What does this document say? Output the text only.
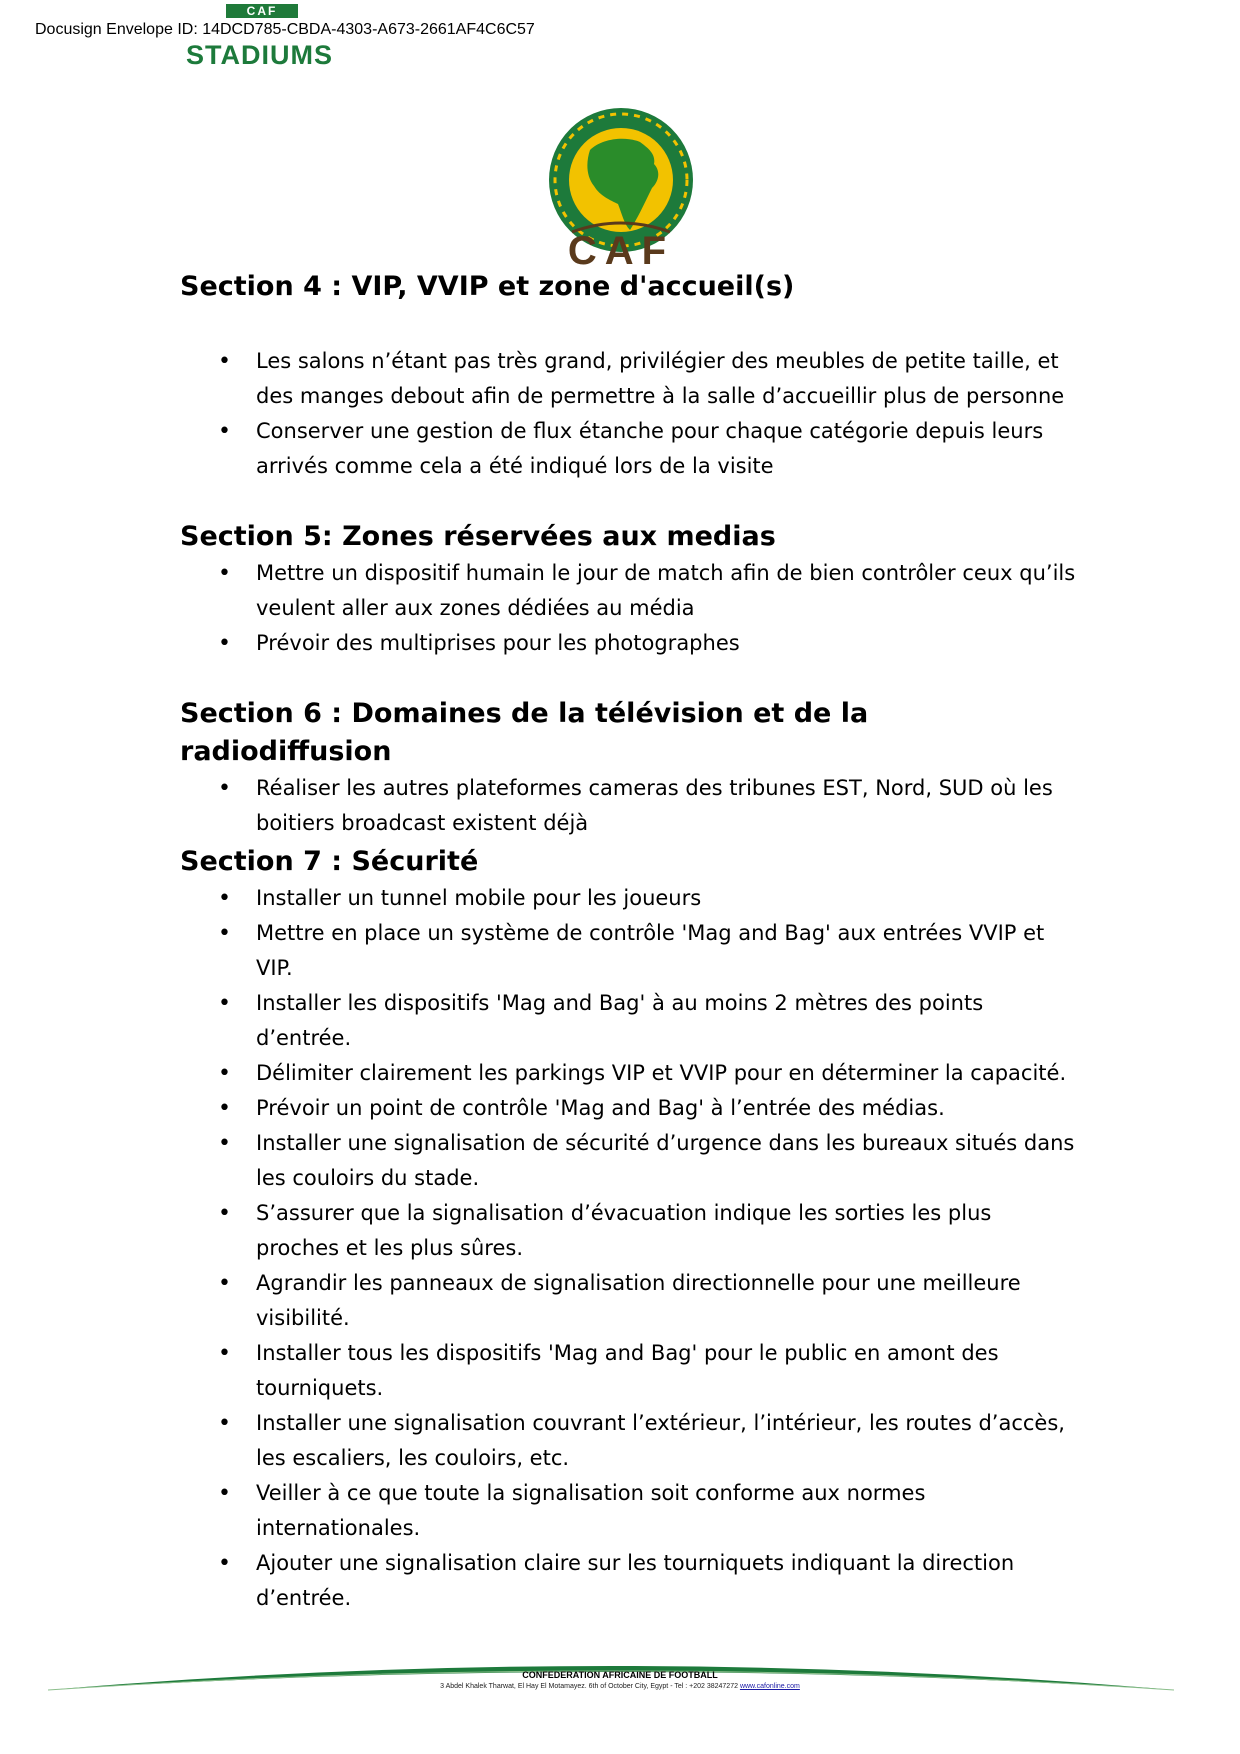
Docusign Envelope ID: 14DCD785-CBDA-4303-A673-2661AF4C6C57
CAF
STADIUMS
CAF
Section 4 : VIP, VVIP et zone d'accueil(s)
• Les salons n’étant pas très grand, privilégier des meubles de petite taille, et des manges debout afin de permettre à la salle d’accueillir plus de personne
• Conserver une gestion de flux étanche pour chaque catégorie depuis leurs arrivés comme cela a été indiqué lors de la visite
Section 5: Zones réservées aux medias
• Mettre un dispositif humain le jour de match afin de bien contrôler ceux qu’ils veulent aller aux zones dédiées au média
• Prévoir des multiprises pour les photographes
Section 6 : Domaines de la télévision et de la radiodiffusion
• Réaliser les autres plateformes cameras des tribunes EST, Nord, SUD où les boitiers broadcast existent déjà
Section 7 : Sécurité
• Installer un tunnel mobile pour les joueurs
• Mettre en place un système de contrôle 'Mag and Bag' aux entrées VVIP et VIP.
• Installer les dispositifs 'Mag and Bag' à au moins 2 mètres des points d’entrée.
• Délimiter clairement les parkings VIP et VVIP pour en déterminer la capacité.
• Prévoir un point de contrôle 'Mag and Bag' à l’entrée des médias.
• Installer une signalisation de sécurité d’urgence dans les bureaux situés dans les couloirs du stade.
• S’assurer que la signalisation d’évacuation indique les sorties les plus proches et les plus sûres.
• Agrandir les panneaux de signalisation directionnelle pour une meilleure visibilité.
• Installer tous les dispositifs 'Mag and Bag' pour le public en amont des tourniquets.
• Installer une signalisation couvrant l’extérieur, l’intérieur, les routes d’accès, les escaliers, les couloirs, etc.
• Veiller à ce que toute la signalisation soit conforme aux normes internationales.
• Ajouter une signalisation claire sur les tourniquets indiquant la direction d’entrée.
CONFEDERATION AFRICAINE DE FOOTBALL
3 Abdel Khalek Tharwat, El Hay El Motamayez. 6th of October City, Egypt - Tel : +202 38247272 www.cafonline.com
